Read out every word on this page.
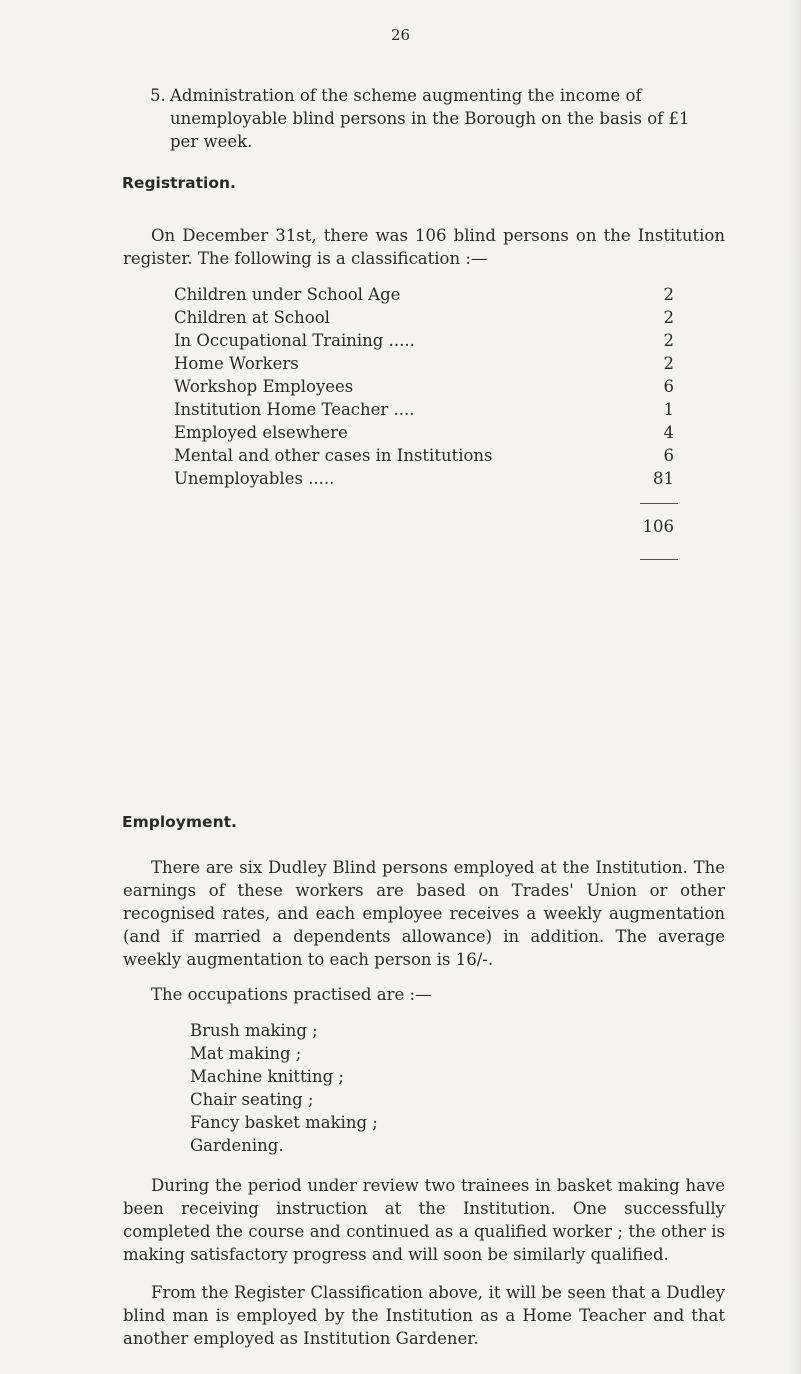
26
5. Administration of the scheme augmenting the income of unemployable blind persons in the Borough on the basis of £1 per week.
Registration.
On December 31st, there was 106 blind persons on the Institution register. The following is a classification :—
Children under School Age	2
Children at School	2
In Occupational Training .....	2
Home Workers	2
Workshop Employees	6
Institution Home Teacher ....	1
Employed elsewhere	4
Mental and other cases in Institutions	6
Unemployables .....	81
106
Employment.
There are six Dudley Blind persons employed at the Institution. The earnings of these workers are based on Trades' Union or other recognised rates, and each employee receives a weekly augmentation (and if married a dependents allowance) in addition. The average weekly augmentation to each person is 16/-.
The occupations practised are :—
Brush making ;
Mat making ;
Machine knitting ;
Chair seating ;
Fancy basket making ;
Gardening.
During the period under review two trainees in basket making have been receiving instruction at the Institution. One successfully completed the course and continued as a qualified worker ; the other is making satisfactory progress and will soon be similarly qualified.
From the Register Classification above, it will be seen that a Dudley blind man is employed by the Institution as a Home Teacher and that another employed as Institution Gardener.
